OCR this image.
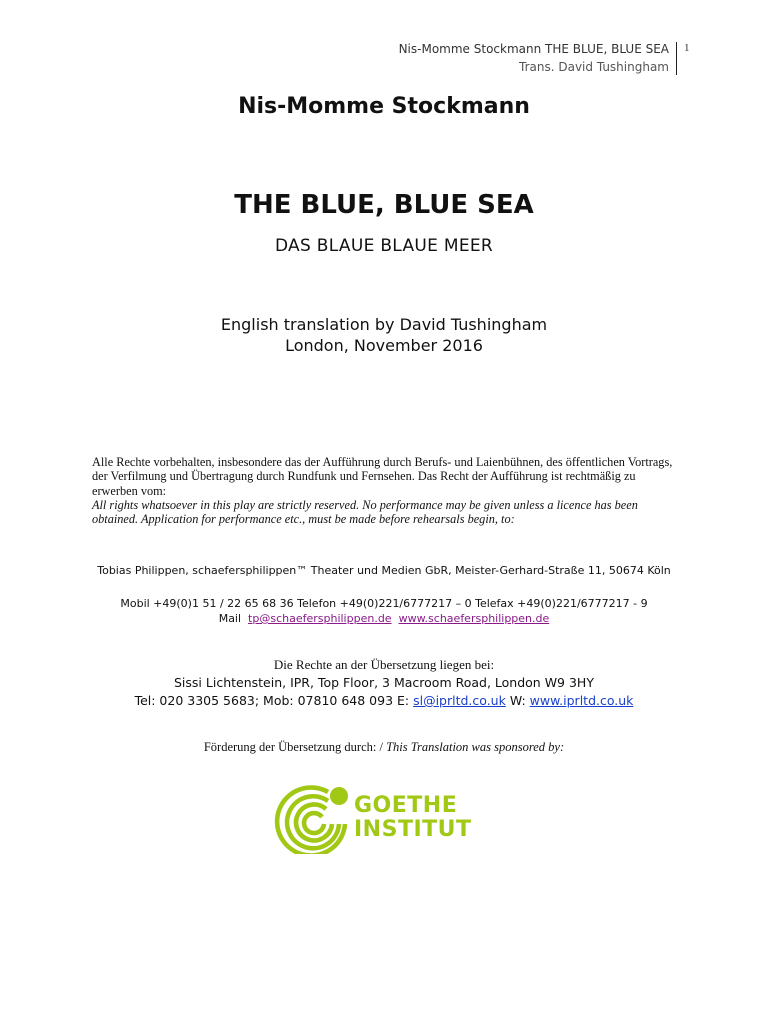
Nis-Momme Stockmann THE BLUE, BLUE SEA
Trans. David Tushingham
1
Nis-Momme Stockmann
THE BLUE, BLUE SEA
DAS BLAUE BLAUE MEER
English translation by David Tushingham
London, November 2016
Alle Rechte vorbehalten, insbesondere das der Aufführung durch Berufs- und Laienbühnen, des öffentlichen Vortrags, der Verfilmung und Übertragung durch Rundfunk und Fernsehen. Das Recht der Aufführung ist rechtmäßig zu erwerben vom:
All rights whatsoever in this play are strictly reserved. No performance may be given unless a licence has been obtained. Application for performance etc., must be made before rehearsals begin, to:
Tobias Philippen, schaefersphilippen™ Theater und Medien GbR, Meister-Gerhard-Straße 11, 50674 Köln
Mobil +49(0)1 51 / 22 65 68 36 Telefon +49(0)221/6777217 – 0 Telefax +49(0)221/6777217 - 9
Mail tp@schaefersphilippen.de www.schaefersphilippen.de
Die Rechte an der Übersetzung liegen bei:
Sissi Lichtenstein, IPR, Top Floor, 3 Macroom Road, London W9 3HY
Tel: 020 3305 5683; Mob: 07810 648 093 E: sl@iprltd.co.uk W: www.iprltd.co.uk
Förderung der Übersetzung durch: / This Translation was sponsored by:
GOETHE
INSTITUT
